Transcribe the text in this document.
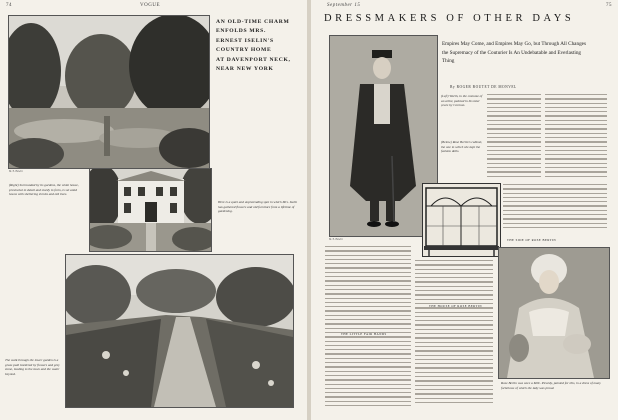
74	VOGUE
M. E. Hewitt
AN OLD-TIME CHARM
ENFOLDS MRS.
ERNEST ISELIN'S
COUNTRY HOME
AT DAVENPORT NECK,
NEAR NEW YORK
(Right) Surrounded by its gardens, the white house, provincial in detail and sturdy in form, is set amid lawns with sheltering shrubs and old trees.
Here is a quiet and unpretending spot in which Mrs. Iselin has gathered flowers and old furniture from a lifetime of gardening.
The walk through the lower garden is a grass path bordered by flowers and grey stone, leading to the lawn and the water beyond.
September 15	75
DRESSMAKERS OF OTHER DAYS
M. E. Hewitt
Empires May Come, and Empires May Go, but Through All Changes the Supremacy of the Couturier Is An Undebatable and Everlasting Thing
By ROGER BOUTET DE MONVEL
(Left) Worth, in the costume of an artist, painted in his later years by Cormon.
(Below) Rose Bertin's cabinet, the one in which she kept the fashion dolls.
THE LITTLE FAIR HANDS
THE HOUSE OF ROSE BERTIN
THE SIDE OF ROSE BERTIN
Rose Bertin was once a Mlle. Picardy, painted for this, in a dress of many furbelows of which the lady was proud.
